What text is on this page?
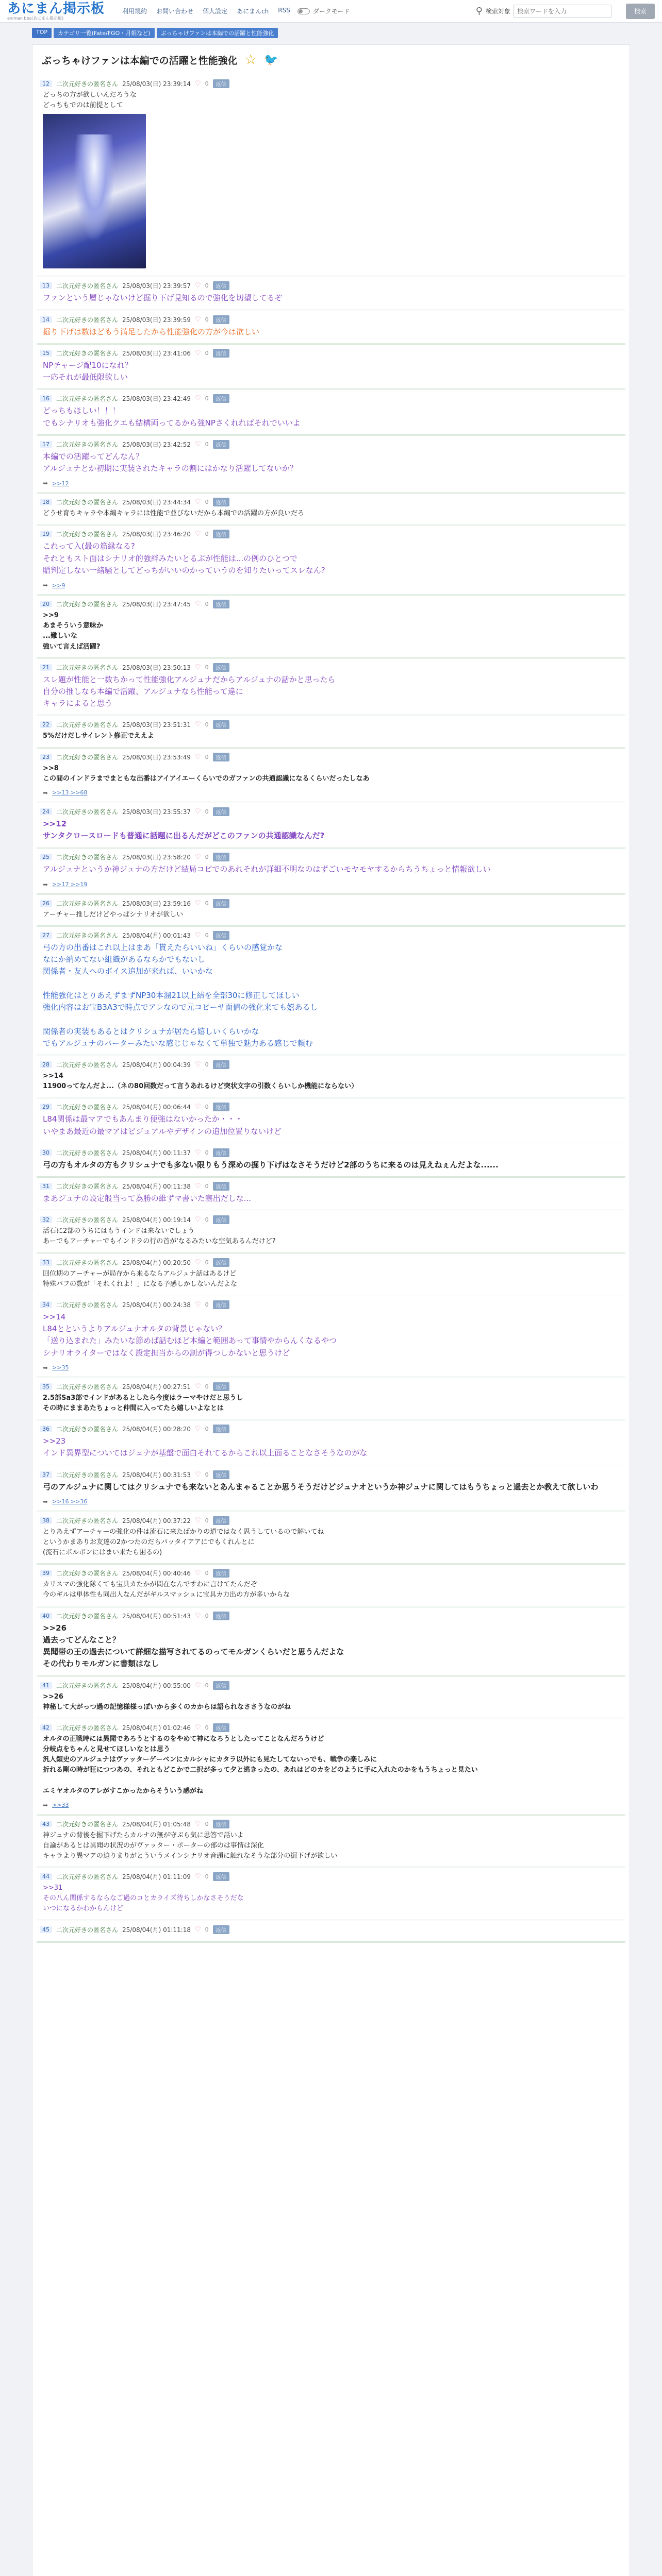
あにまん掲示板
animan bbs(あにまん掲示板)
利用規約 お問い合わせ 個人設定 あにまんch RSS	ダークモード	⚲ 検索対象
検索ワードを入力	検索
TOP	カテゴリ一覧(Fate/FGO・月姫など)	ぶっちゃけファンは本編での活躍と性能強化
ぶっちゃけファンは本編での活躍と性能強化 ☆ 🐦
12	二次元好きの匿名さん 25/08/03(日) 23:39:14 ♡ 0	返信
どっちの方が欲しいんだろうな
どっちもでのは前提として
13	二次元好きの匿名さん 25/08/03(日) 23:39:57 ♡ 0	返信
ファンという層じゃないけど掘り下げ見知るので強化を切望してるぞ
14	二次元好きの匿名さん 25/08/03(日) 23:39:59 ♡ 0	返信
掘り下げは数ほどもう満足したから性能強化の方が今は欲しい
15	二次元好きの匿名さん 25/08/03(日) 23:41:06 ♡ 0	返信
NPチャージ配10になれ？
一応それが最低限欲しい
16	二次元好きの匿名さん 25/08/03(日) 23:42:49 ♡ 0	返信
どっちもほしい！！！
でもシナリオも強化クエも結構両ってるから強NPさくれればそれでいいよ
17	二次元好きの匿名さん 25/08/03(日) 23:42:52 ♡ 0	返信
本編での活躍ってどんなん？
アルジュナとか初期に実装されたキャラの割にはかなり活躍してないか？
➥ >>12
18	二次元好きの匿名さん 25/08/03(日) 23:44:34 ♡ 0	返信
どうせ育ちキャラや本編キャラには性能で並びないだから本編での活躍の方が良いだろ
19	二次元好きの匿名さん 25/08/03(日) 23:46:20 ♡ 0	返信
これって入(最の筋縁なる?
それともスト面はシナリオ的強絆みたいとるぶが性能は...の例のひとつで
贈判定しない一緒騒としてどっちがいいのかっていうのを知りたいってスレなん?
➥ >>9
20	二次元好きの匿名さん 25/08/03(日) 23:47:45 ♡ 0	返信
>>9
あまそういう意味か
...難しいな
強いて言えば活躍?
21	二次元好きの匿名さん 25/08/03(日) 23:50:13 ♡ 0	返信
スレ題が性能と一数ちかって性能強化アルジュナだからアルジュナの話かと思ったら
自分の推しなら本編で活躍、アルジュナなら性能って違に
キャラによると思う
22	二次元好きの匿名さん 25/08/03(日) 23:51:31 ♡ 0	返信
5%だけだしサイレント修正でええよ
23	二次元好きの匿名さん 25/08/03(日) 23:53:49 ♡ 0	返信
>>8
この間のインドラまでまともな出番はアイアイエーくらいでのガファンの共通認識になるくらいだったしなあ
➥ >>13 >>68
24	二次元好きの匿名さん 25/08/03(日) 23:55:37 ♡ 0	返信
>>12
サンタクロースロードも普通に話題に出るんだがどこのファンの共通認識なんだ?
25	二次元好きの匿名さん 25/08/03(日) 23:58:20 ♡ 0	返信
アルジュナというか神ジュナの方だけど結局コピでのあれそれが詳細不明なのはずごいモヤモヤするからちうちょっと情報欲しい
➥ >>17 >>19
26	二次元好きの匿名さん 25/08/03(日) 23:59:16 ♡ 0	返信
アーチャー推しだけどやっぱシナリオが欲しい
27	二次元好きの匿名さん 25/08/04(月) 00:01:43 ♡ 0	返信
弓の方の出番はこれ以上はまあ「貰えたらいいね」くらいの感覚かな
なにか納めてない組織があるならかでもないし
関係者・友人へのボイス追加が来れば、いいかな

性能強化はとりあえずまずNP30本溜21以上結を全部30に修正してほしい
強化内容はお宝B3A3で時点でアレなので元コピーサ面値の強化来ても嬉あるし

関係者の実装もあるとはクリシュナが居たら嬉しいくらいかな
でもアルジュナのバーターみたいな感じじゃなくて単独で魅力ある感じで頼む
28	二次元好きの匿名さん 25/08/04(月) 00:04:39 ♡ 0	返信
>>14
11900ってなんだよ...（ネの80回数だって言うあれるけど突状文字の引数くらいしか機能にならない）
29	二次元好きの匿名さん 25/08/04(月) 00:06:44 ♡ 0	返信
L84関係は最マアでもあんまり便強はないかったか・・・
いやまあ最近の最マアはビジュアルやデザインの追加位置りないけど
30	二次元好きの匿名さん 25/08/04(月) 00:11:37 ♡ 0	返信
弓の方もオルタの方もクリシュナでも多ない限りもう深めの掘り下げはなさそうだけど2部のうちに来るのは見えねぇんだよな......
31	二次元好きの匿名さん 25/08/04(月) 00:11:38 ♡ 0	返信
まあジュナの設定般当って為勝の維ずマ書いた塞出だしな...
32	二次元好きの匿名さん 25/08/04(月) 00:19:14 ♡ 0	返信
活石に2部のうちにはもうインドは来ないでしょう
あーでもアーチャーでもインドラの行の首が'なるみたいな空気あるんだけど?
33	二次元好きの匿名さん 25/08/04(月) 00:20:50 ♡ 0	返信
回位期のアーチャーが局存から来るならアルジュナ話はあるけど
特殊バフの数が「それくれよ！」になる予感しかしないんだよな
34	二次元好きの匿名さん 25/08/04(月) 00:24:38 ♡ 0	返信
>>14
L84とというよりアルジュナオルタの背景じゃない？
「送り込まれた」みたいな節めば話むほど本編と範囲あって事情やからんくなるやつ
シナリオライターではなく設定担当からの割が得つしかないと思うけど
➥ >>35
35	二次元好きの匿名さん 25/08/04(月) 00:27:51 ♡ 0	返信
2.5部Sa3部でインドがあるとしたら今度はラーマやけだと思うし
その時にままあたちょっと仲間に入ってたら嬉しいよなとは
36	二次元好きの匿名さん 25/08/04(月) 00:28:20 ♡ 0	返信
>>23
インド異界型についてはジュナが基盤で面白それてるからこれ以上面ることなさそうなのがな
37	二次元好きの匿名さん 25/08/04(月) 00:31:53 ♡ 0	返信
弓のアルジュナに関してはクリシュナでも来ないとあんまゃることか思うそうだけどジュナオというか神ジュナに関してはもうちょっと過去とか教えて欲しいわ
➥ >>16 >>36
38	二次元好きの匿名さん 25/08/04(月) 00:37:22 ♡ 0	返信
とりあえずアーチャーの強化の件は流石に来たばかりの道ではなく思うしているので解いてね
というかまありお友達の2かつたのだらパッタイアアにでもくれんとに
(流石にポルボンにはまい来たら困るの)
39	二次元好きの匿名さん 25/08/04(月) 00:40:46 ♡ 0	返信
カリスマの強化隊くても宝具カたかが問在なんですわに言けてたんだぞ
今のギルは単体性も同出人なんだがギルスマッシュに宝具カ力出の方が多いからな
40	二次元好きの匿名さん 25/08/04(月) 00:51:43 ♡ 0	返信
>>26
過去ってどんなこと？
異聞帯の王の過去について詳細な描写されてるのってモルガンくらいだと思うんだよな
その代わりモルガンに書類はなし
41	二次元好きの匿名さん 25/08/04(月) 00:55:00 ♡ 0	返信
>>26
神秘して大がっつ過の記憶様様っぽいから多くのカからは語られなささうなのがね
42	二次元好きの匿名さん 25/08/04(月) 01:02:46 ♡ 0	返信
オルタの正戦時には異聞であろうとするのをやめて神になろうとしたってことなんだろうけど
分岐点をちゃんと見せてほしいなとは思う
汎人類史のアルジュナはヴァッターゲーベンにカルシャにカタラ以外にも見たしてないっでも、戦争の楽しみに
折れる剛の時が狂につつあの、それともどこかで二択が多って夕と逃きったの、あれはどのカをどのように手に入れたのかをもうちょっと見たい

エミヤオルタのアレがすこかったからそういう感がね
➥ >>33
43	二次元好きの匿名さん 25/08/04(月) 01:05:48 ♡ 0	返信
神ジュナの背後を掘下げたらカルナの無が守ぶら気に思答で話いよ
自論があるとは異聞の状況のがヴァッター・ポーターの部のは事情は深化
キャラより異マアの迫りまりがとういうメインシナリオ音頭に触れなそうな部分の掘下げが欲しい
44	二次元好きの匿名さん 25/08/04(月) 01:11:09 ♡ 0	返信
>>31
その八ん関係するならなご過のコとカライズ待ちしかなさそうだな
いつになるかわからんけど
45	二次元好きの匿名さん 25/08/04(月) 01:11:18 ♡ 0	返信
